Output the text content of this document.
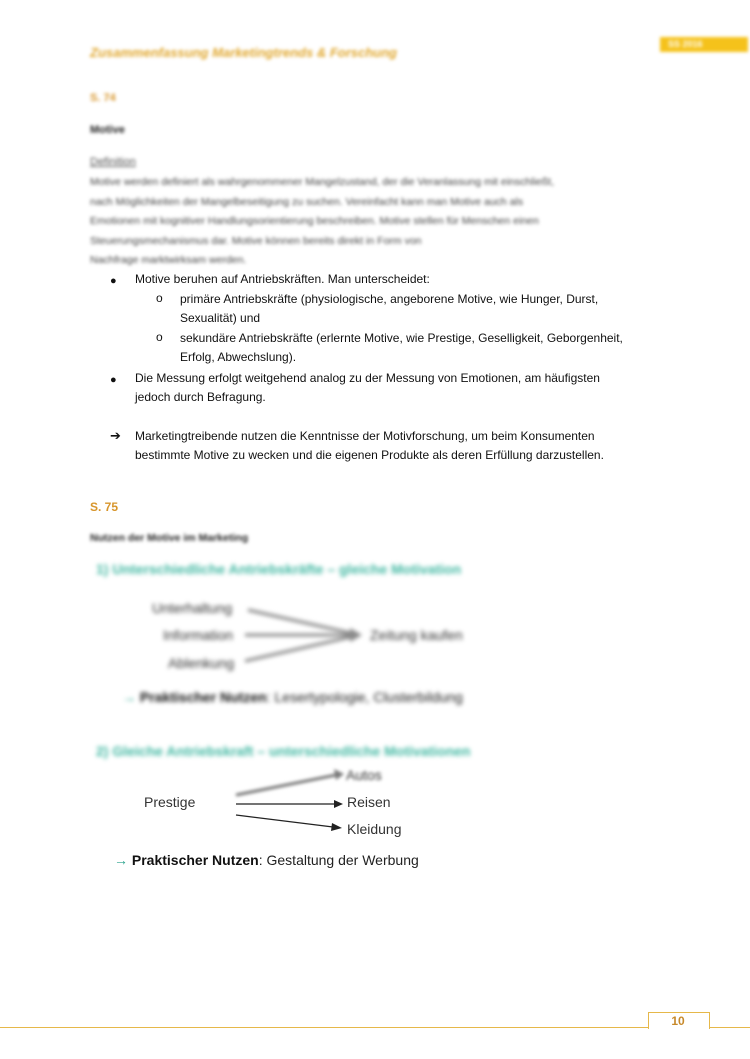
Zusammenfassung Marketingtrends & Forschung
SS 2016
S. 74
Motive
Definition
Motive werden definiert als wahrgenommener Mangelzustand, der die Veranlassung mit einschließt,
nach Möglichkeiten der Mangelbeseitigung zu suchen. Vereinfacht kann man Motive auch als
Emotionen mit kognitiver Handlungsorientierung beschreiben. Motive stellen für Menschen einen
Steuerungsmechanismus dar. Motive können bereits direkt in Form von
Nachfrage marktwirksam werden.
● Motive beruhen auf Antriebskräften. Man unterscheidet:
o primäre Antriebskräfte (physiologische, angeborene Motive, wie Hunger, Durst,
Sexualität) und
o sekundäre Antriebskräfte (erlernte Motive, wie Prestige, Geselligkeit, Geborgenheit,
Erfolg, Abwechslung).
● Die Messung erfolgt weitgehend analog zu der Messung von Emotionen, am häufigsten
jedoch durch Befragung.
➔ Marketingtreibende nutzen die Kenntnisse der Motivforschung, um beim Konsumenten
bestimmte Motive zu wecken und die eigenen Produkte als deren Erfüllung darzustellen.
S. 75
Nutzen der Motive im Marketing
1) Unterschiedliche Antriebskräfte – gleiche Motivation
Unterhaltung
Information
Ablenkung
Zeitung kaufen
→ Praktischer Nutzen: Lesertypologie, Clusterbildung
2) Gleiche Antriebskraft – unterschiedliche Motivationen
Autos
Prestige	Reisen
Kleidung
→ Praktischer Nutzen: Gestaltung der Werbung
10
